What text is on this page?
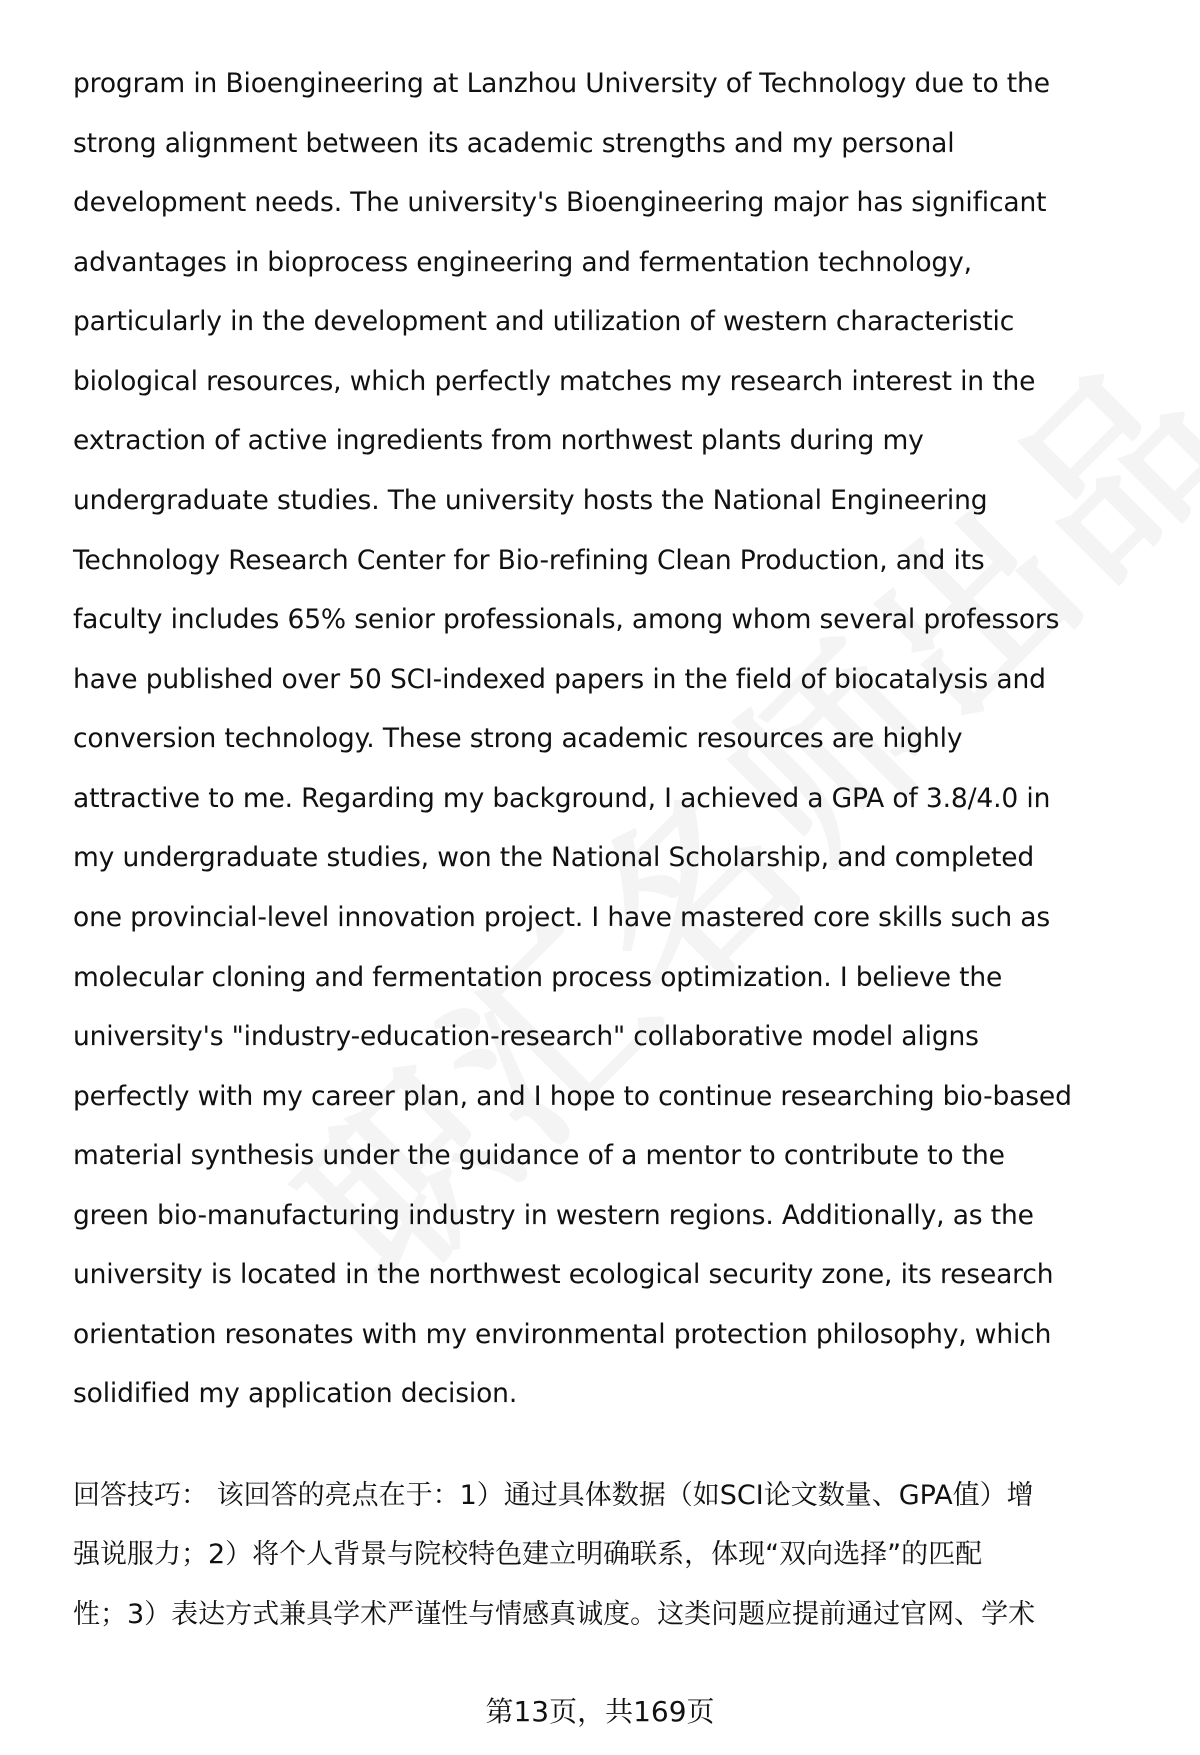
program in Bioengineering at Lanzhou University of Technology due to the
strong alignment between its academic strengths and my personal
development needs. The university's Bioengineering major has significant
advantages in bioprocess engineering and fermentation technology,
particularly in the development and utilization of western characteristic
biological resources, which perfectly matches my research interest in the
extraction of active ingredients from northwest plants during my
undergraduate studies. The university hosts the National Engineering
Technology Research Center for Bio-refining Clean Production, and its
faculty includes 65% senior professionals, among whom several professors
have published over 50 SCI-indexed papers in the field of biocatalysis and
conversion technology. These strong academic resources are highly
attractive to me. Regarding my background, I achieved a GPA of 3.8/4.0 in
my undergraduate studies, won the National Scholarship, and completed
one provincial-level innovation project. I have mastered core skills such as
molecular cloning and fermentation process optimization. I believe the
university's "industry-education-research" collaborative model aligns
perfectly with my career plan, and I hope to continue researching bio-based
material synthesis under the guidance of a mentor to contribute to the
green bio-manufacturing industry in western regions. Additionally, as the
university is located in the northwest ecological security zone, its research
orientation resonates with my environmental protection philosophy, which
solidified my application decision.
回答技巧： 该回答的亮点在于：1）通过具体数据（如SCI论文数量、GPA值）增
强说服力；2）将个人背景与院校特色建立明确联系，体现“双向选择”的匹配
性；3）表达方式兼具学术严谨性与情感真诚度。这类问题应提前通过官网、学术
第13页，共169页
